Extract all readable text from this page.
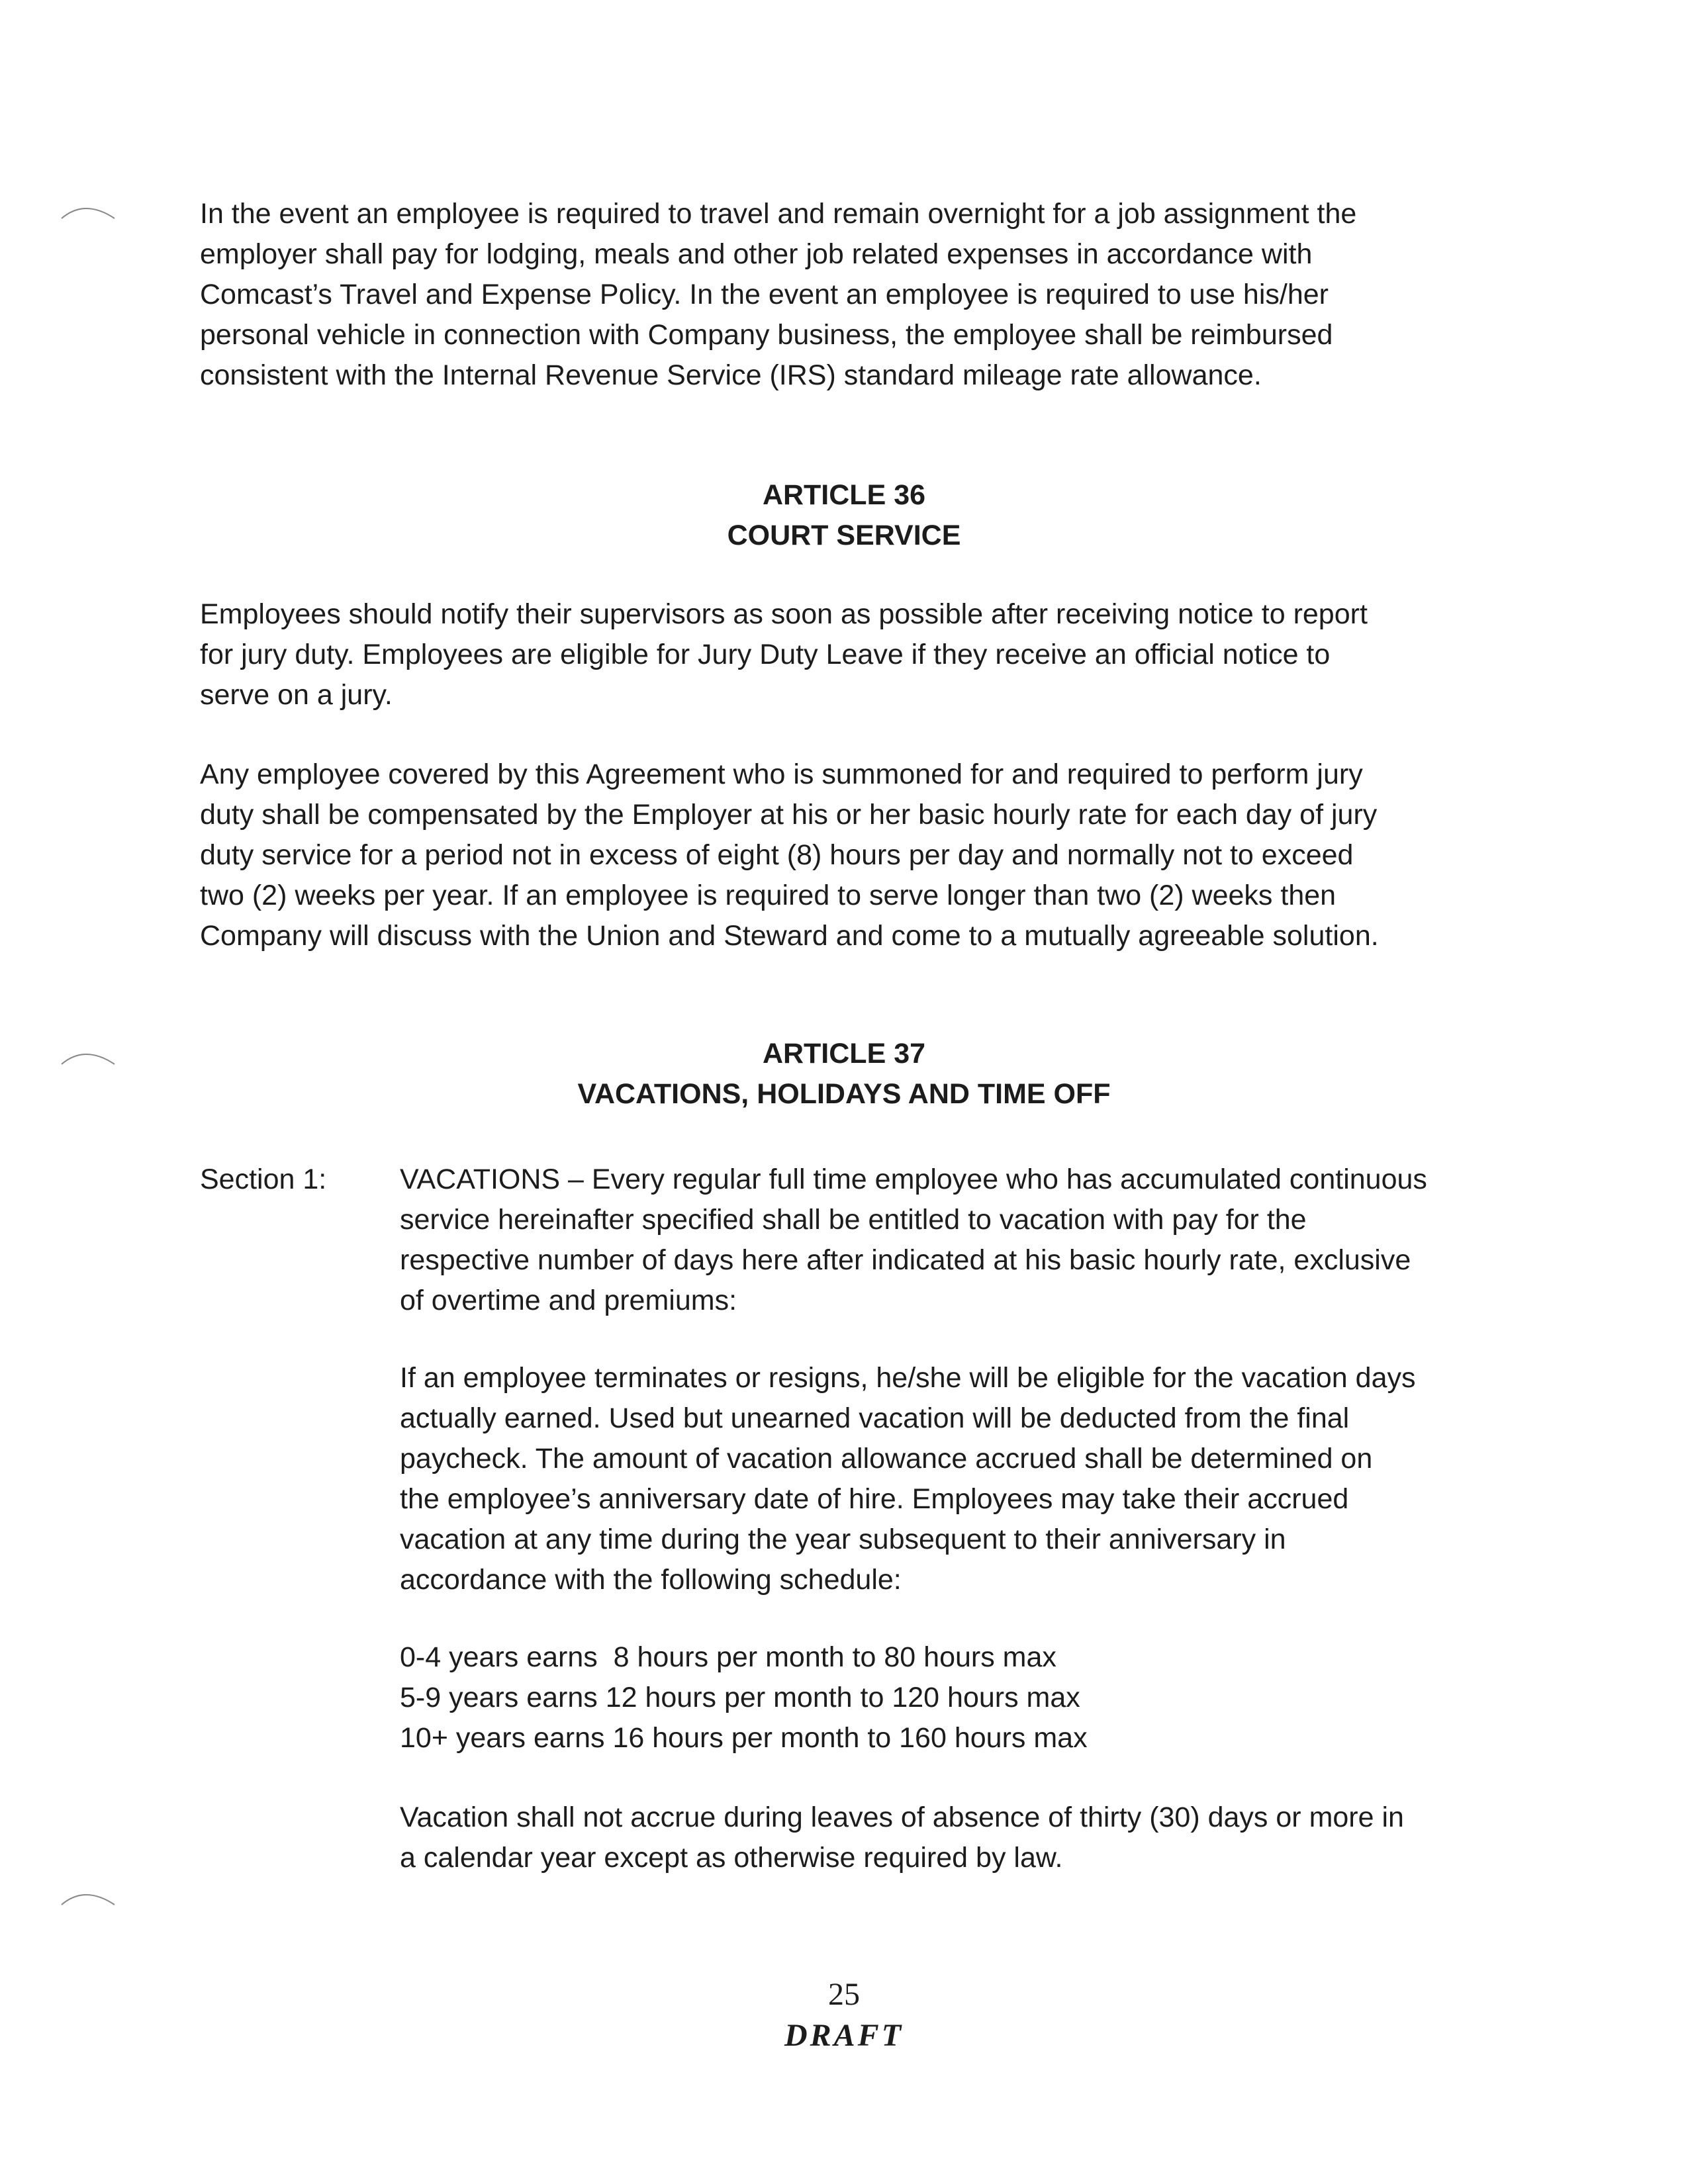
In the event an employee is required to travel and remain overnight for a job assignment the
employer shall pay for lodging, meals and other job related expenses in accordance with
Comcast’s Travel and Expense Policy. In the event an employee is required to use his/her
personal vehicle in connection with Company business, the employee shall be reimbursed
consistent with the Internal Revenue Service (IRS) standard mileage rate allowance.
ARTICLE 36
COURT SERVICE
Employees should notify their supervisors as soon as possible after receiving notice to report
for jury duty. Employees are eligible for Jury Duty Leave if they receive an official notice to
serve on a jury.
Any employee covered by this Agreement who is summoned for and required to perform jury
duty shall be compensated by the Employer at his or her basic hourly rate for each day of jury
duty service for a period not in excess of eight (8) hours per day and normally not to exceed
two (2) weeks per year. If an employee is required to serve longer than two (2) weeks then
Company will discuss with the Union and Steward and come to a mutually agreeable solution.
ARTICLE 37
VACATIONS, HOLIDAYS AND TIME OFF
Section 1:	VACATIONS – Every regular full time employee who has accumulated continuous
service hereinafter specified shall be entitled to vacation with pay for the
respective number of days here after indicated at his basic hourly rate, exclusive
of overtime and premiums:
If an employee terminates or resigns, he/she will be eligible for the vacation days
actually earned. Used but unearned vacation will be deducted from the final
paycheck. The amount of vacation allowance accrued shall be determined on
the employee’s anniversary date of hire. Employees may take their accrued
vacation at any time during the year subsequent to their anniversary in
accordance with the following schedule:
0-4 years earns  8 hours per month to 80 hours max
5-9 years earns 12 hours per month to 120 hours max
10+ years earns 16 hours per month to 160 hours max
Vacation shall not accrue during leaves of absence of thirty (30) days or more in
a calendar year except as otherwise required by law.
25
DRAFT
